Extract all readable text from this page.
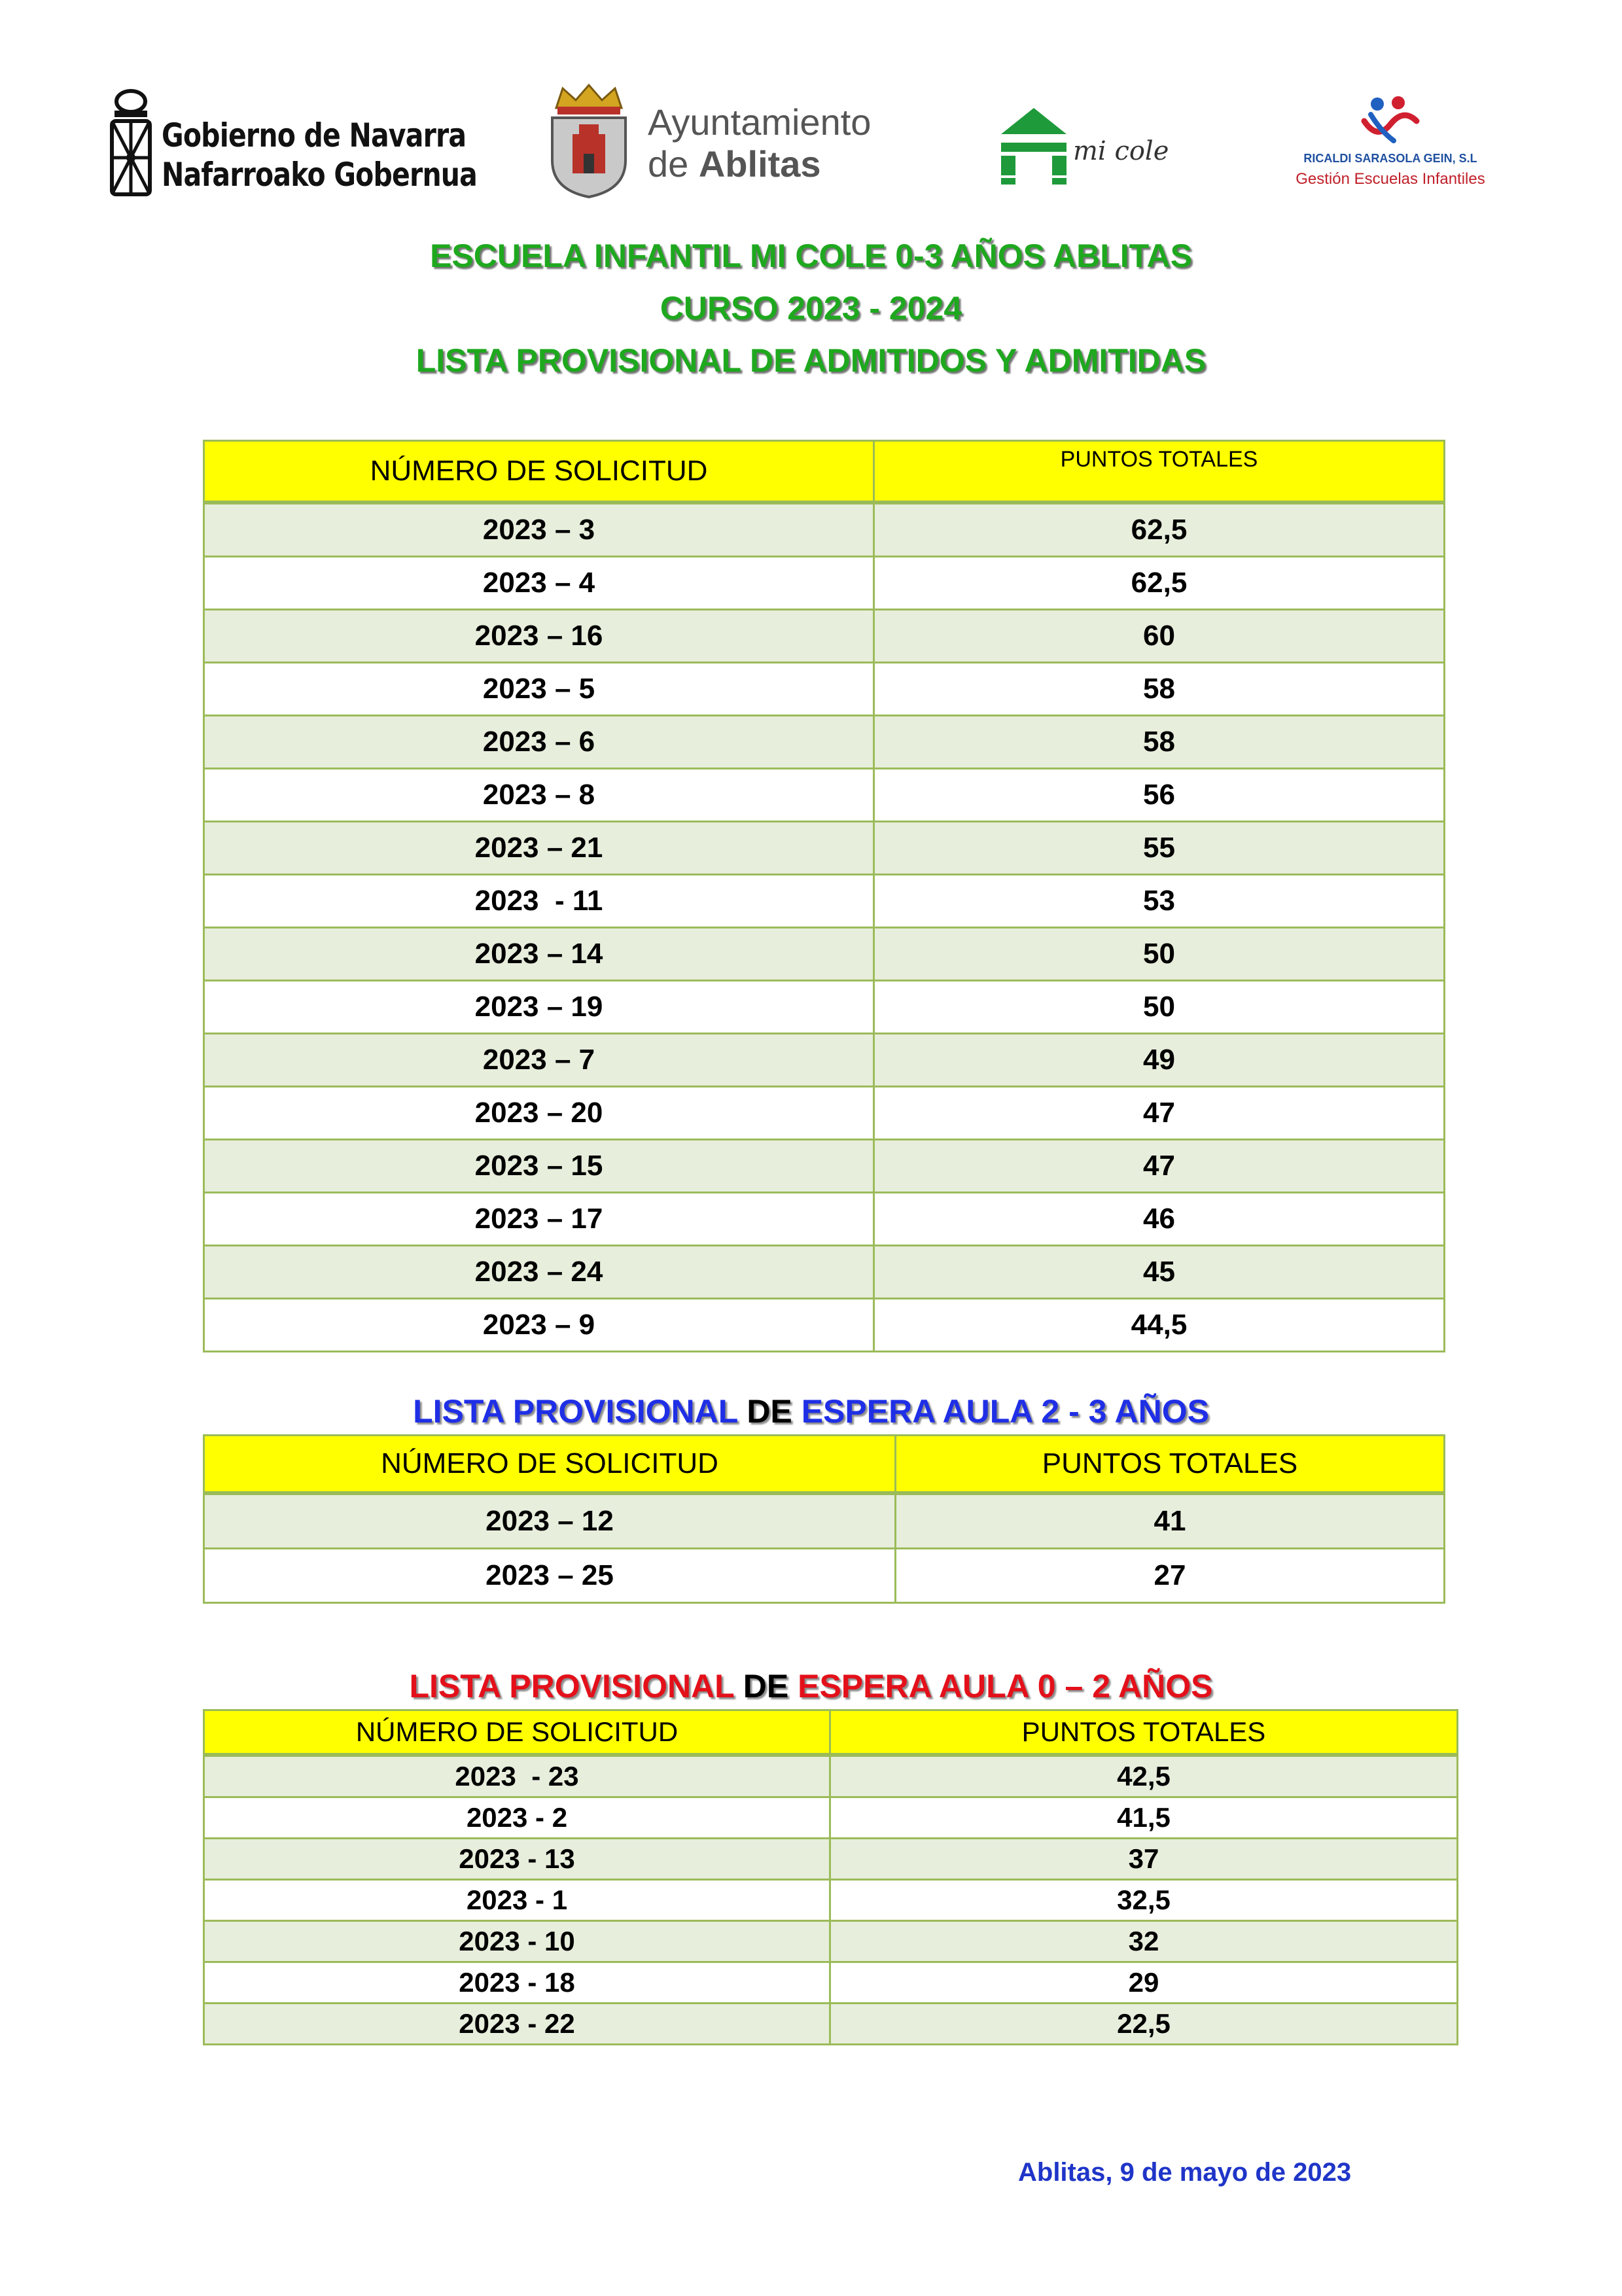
Gobierno de Navarra
Nafarroako Gobernua
Ayuntamiento
de Ablitas	mi cole	RICALDI SARASOLA GEIN, S.L
Gestión Escuelas Infantiles
ESCUELA INFANTIL MI COLE 0-3 AÑOS ABLITAS
CURSO 2023 - 2024
LISTA PROVISIONAL DE ADMITIDOS Y ADMITIDAS
NÚMERO DE SOLICITUD	PUNTOS TOTALES
2023 – 3	62,5
2023 – 4	62,5
2023 – 16	60
2023 – 5	58
2023 – 6	58
2023 – 8	56
2023 – 21	55
2023  - 11	53
2023 – 14	50
2023 – 19	50
2023 – 7	49
2023 – 20	47
2023 – 15	47
2023 – 17	46
2023 – 24	45
2023 – 9	44,5
LISTA PROVISIONAL DE ESPERA AULA 2 - 3 AÑOS
NÚMERO DE SOLICITUD	PUNTOS TOTALES
2023 – 12	41
2023 – 25	27
LISTA PROVISIONAL DE ESPERA AULA 0 – 2 AÑOS
NÚMERO DE SOLICITUD	PUNTOS TOTALES
2023  - 23	42,5
2023 - 2	41,5
2023 - 13	37
2023 - 1	32,5
2023 - 10	32
2023 - 18	29
2023 - 22	22,5
Ablitas, 9 de mayo de 2023
